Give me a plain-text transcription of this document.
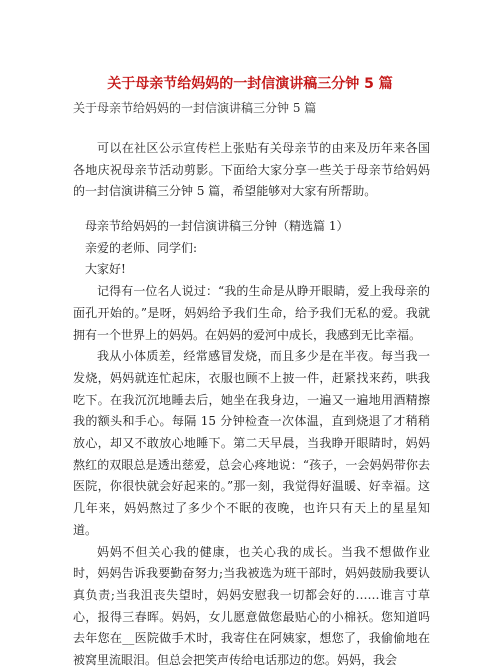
关于母亲节给妈妈的一封信演讲稿三分钟 5 篇
关于母亲节给妈妈的一封信演讲稿三分钟 5 篇

可以在社区公示宣传栏上张贴有关母亲节的由来及历年来各国各地庆祝母亲节活动剪影。下面给大家分享一些关于母亲节给妈妈的一封信演讲稿三分钟 5 篇，希望能够对大家有所帮助。

母亲节给妈妈的一封信演讲稿三分钟（精选篇 1）

亲爱的老师、同学们:

大家好!

记得有一位名人说过：“我的生命是从睁开眼睛，爱上我母亲的面孔开始的。”是呀，妈妈给予我们生命，给予我们无私的爱。我就拥有一个世界上的妈妈。在妈妈的爱河中成长，我感到无比幸福。

我从小体质差，经常感冒发烧，而且多少是在半夜。每当我一发烧，妈妈就连忙起床，衣服也顾不上披一件，赶紧找来药，哄我吃下。在我沉沉地睡去后，她坐在我身边，一遍又一遍地用酒精擦我的额头和手心。每隔 15 分钟检查一次体温，直到烧退了才稍稍放心，却又不敢放心地睡下。第二天早晨，当我睁开眼睛时，妈妈熬红的双眼总是透出慈爱，总会心疼地说：“孩子，一会妈妈带你去医院，你很快就会好起来的。”那一刻，我觉得好温暖、好幸福。这几年来，妈妈熬过了多少个不眠的夜晚，也许只有天上的星星知道。

妈妈不但关心我的健康，也关心我的成长。当我不想做作业时，妈妈告诉我要勤奋努力;当我被选为班干部时，妈妈鼓励我要认真负责;当我沮丧失望时，妈妈安慰我一切都会好的……谁言寸草心，报得三春晖。妈妈，女儿愿意做您最贴心的小棉袄。您知道吗去年您在__医院做手术时，我寄住在阿姨家，想您了，我偷偷地在被窝里流眼泪。但总会把笑声传给电话那边的您。妈妈，我会
